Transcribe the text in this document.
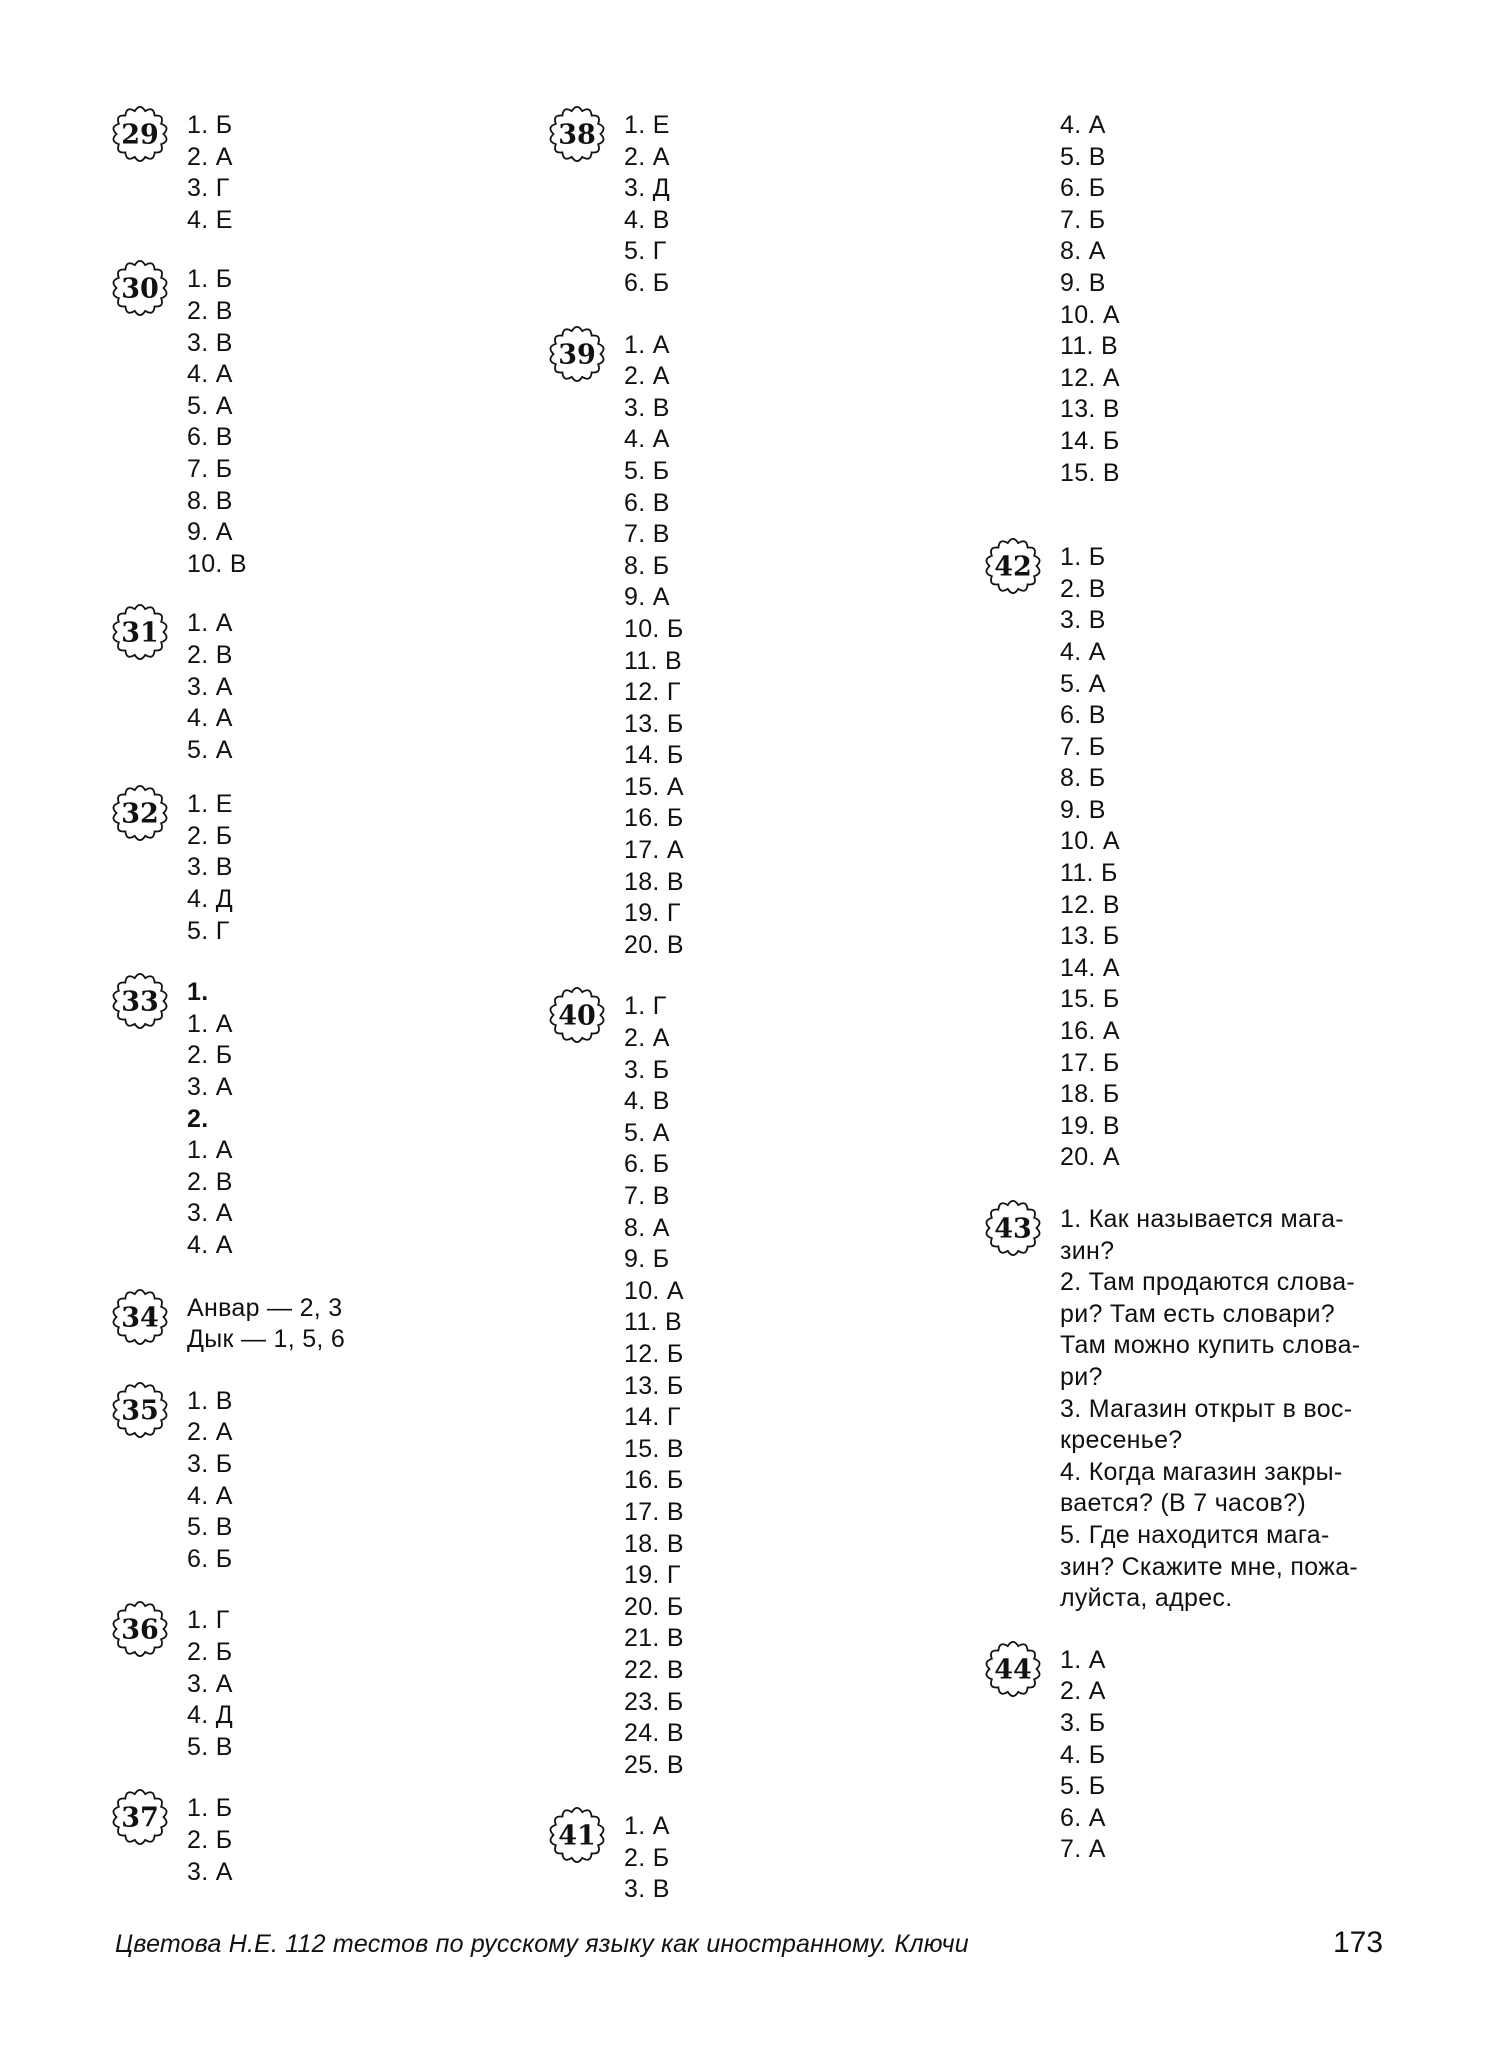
29 1. Б
2. А
3. Г
4. Е
30 1. Б
2. В
3. В
4. А
5. А
6. В
7. Б
8. В
9. А
10. В
31 1. А
2. В
3. А
4. А
5. А
32 1. Е
2. Б
3. В
4. Д
5. Г
33 1.
1. А
2. Б
3. А
2.
1. А
2. В
3. А
4. А
34 Анвар — 2, 3
Дык — 1, 5, 6
35 1. В
2. А
3. Б
4. А
5. В
6. Б
36 1. Г
2. Б
3. А
4. Д
5. В
37 1. Б
2. Б
3. А
38 1. Е
2. А
3. Д
4. В
5. Г
6. Б
39 1. А
2. А
3. В
4. А
5. Б
6. В
7. В
8. Б
9. А
10. Б
11. В
12. Г
13. Б
14. Б
15. А
16. Б
17. А
18. В
19. Г
20. В
40 1. Г
2. А
3. Б
4. В
5. А
6. Б
7. В
8. А
9. Б
10. А
11. В
12. Б
13. Б
14. Г
15. В
16. Б
17. В
18. В
19. Г
20. Б
21. В
22. В
23. Б
24. В
25. В
41 1. А
2. Б
3. В
4. А
5. В
6. Б
7. Б
8. А
9. В
10. А
11. В
12. А
13. В
14. Б
15. В
42 1. Б
2. В
3. В
4. А
5. А
6. В
7. Б
8. Б
9. В
10. А
11. Б
12. В
13. Б
14. А
15. Б
16. А
17. Б
18. Б
19. В
20. А
43 1. Как называется мага-
зин?
2. Там продаются слова-
ри? Там есть словари?
Там можно купить слова-
ри?
3. Магазин открыт в вос-
кресенье?
4. Когда магазин закры-
вается? (В 7 часов?)
5. Где находится мага-
зин? Скажите мне, пожа-
луйста, адрес.
44 1. А
2. А
3. Б
4. Б
5. Б
6. А
7. А
Цветова Н.Е. 112 тестов по русскому языку как иностранному. Ключи	173
